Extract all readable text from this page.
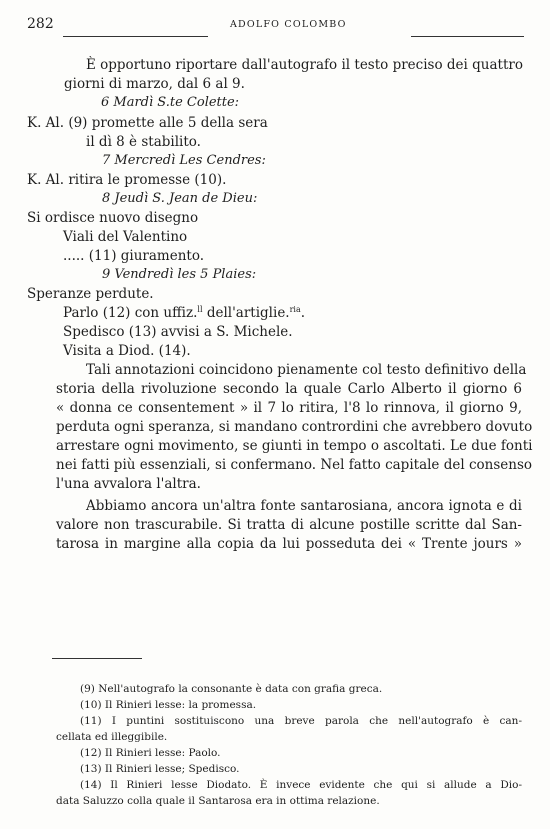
282	ADOLFO COLOMBO
È opportuno riportare dall'autografo il testo preciso dei quattro
giorni di marzo, dal 6 al 9.
6 Mardì S.te Colette:
K. Al. (9) promette alle 5 della sera
il dì 8 è stabilito.
7 Mercredì Les Cendres:
K. Al. ritira le promesse (10).
8 Jeudì S. Jean de Dieu:
Si ordisce nuovo disegno
Viali del Valentino
..... (11) giuramento.
9 Vendredì les 5 Plaies:
Speranze perdute.
Parlo (12) con uffiz.$^{ll}$ dell'artiglie.$^{ria}$.
Spedisco (13) avvisi a S. Michele.
Visita a Diod. (14).
Tali annotazioni coincidono pienamente col testo definitivo della
storia della rivoluzione secondo la quale Carlo Alberto il giorno 6
« donna ce consentement » il 7 lo ritira, l'8 lo rinnova, il giorno 9,
perduta ogni speranza, si mandano contrordini che avrebbero dovuto
arrestare ogni movimento, se giunti in tempo o ascoltati. Le due fonti
nei fatti più essenziali, si confermano. Nel fatto capitale del consenso
l'una avvalora l'altra.
Abbiamo ancora un'altra fonte santarosiana, ancora ignota e di
valore non trascurabile. Si tratta di alcune postille scritte dal San-
tarosa in margine alla copia da lui posseduta dei « Trente jours »
(9) Nell'autografo la consonante è data con grafia greca.
(10) Il Rinieri lesse: la promessa.
(11) I puntini sostituiscono una breve parola che nell'autografo è can-
cellata ed illeggibile.
(12) Il Rinieri lesse: Paolo.
(13) Il Rinieri lesse; Spedisco.
(14) Il Rinieri lesse Diodato. È invece evidente che qui si allude a Dio-
data Saluzzo colla quale il Santarosa era in ottima relazione.
